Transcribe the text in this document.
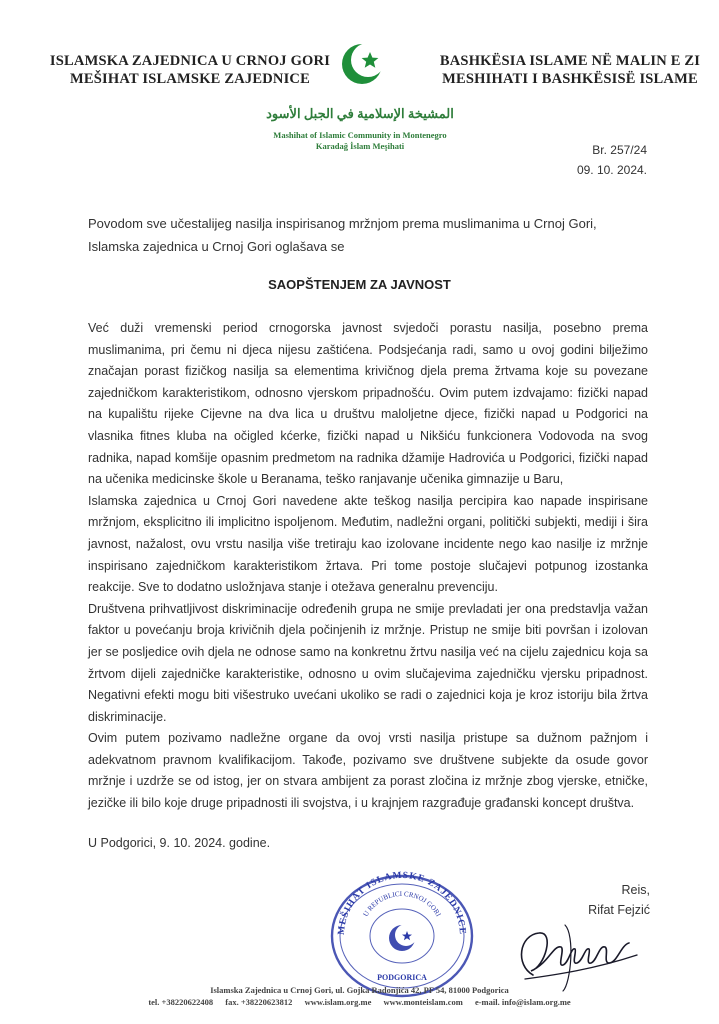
ISLAMSKA ZAJEDNICA U CRNOJ GORI
MEŠIHAT ISLAMSKE ZAJEDNICE
BASHKËSIA ISLAME NË MALIN E ZI
MESHIHATI I BASHKËSISË ISLAME
المشيخة الإسلامية في الجبل الأسود
Mashihat of Islamic Community in Montenegro
Karadağ İslam Meşihati	Br. 257/24
09. 10. 2024.
Povodom sve učestalijeg nasilja inspirisanog mržnjom prema muslimanima u Crnoj Gori,
Islamska zajednica u Crnoj Gori oglašava se
SAOPŠTENJEM ZA JAVNOST

Već duži vremenski period crnogorska javnost svjedoči porastu nasilja, posebno prema muslimanima, pri čemu ni djeca nijesu zaštićena. Podsjećanja radi, samo u ovoj godini bilježimo značajan porast fizičkog nasilja sa elementima krivičnog djela prema žrtvama koje su povezane zajedničkom karakteristikom, odnosno vjerskom pripadnošću. Ovim putem izdvajamo: fizički napad na kupalištu rijeke Cijevne na dva lica u društvu maloljetne djece, fizički napad u Podgorici na vlasnika fitnes kluba na očigled kćerke, fizički napad u Nikšiću funkcionera Vodovoda na svog radnika, napad komšije opasnim predmetom na radnika džamije Hadrovića u Podgorici, fizički napad na učenika medicinske škole u Beranama, teško ranjavanje učenika gimnazije u Baru,

Islamska zajednica u Crnoj Gori navedene akte teškog nasilja percipira kao napade inspirisane mržnjom, eksplicitno ili implicitno ispoljenom. Međutim, nadležni organi, politički subjekti, mediji i šira javnost, nažalost, ovu vrstu nasilja više tretiraju kao izolovane incidente nego kao nasilje iz mržnje inspirisano zajedničkom karakteristikom žrtava. Pri tome postoje slučajevi potpunog izostanka reakcije. Sve to dodatno usložnjava stanje i otežava generalnu prevenciju.

Društvena prihvatljivost diskriminacije određenih grupa ne smije prevladati jer ona predstavlja važan faktor u povećanju broja krivičnih djela počinjenih iz mržnje. Pristup ne smije biti površan i izolovan jer se posljedice ovih djela ne odnose samo na konkretnu žrtvu nasilja već na cijelu zajednicu koja sa žrtvom dijeli zajedničke karakteristike, odnosno u ovim slučajevima zajedničku vjersku pripadnost. Negativni efekti mogu biti višestruko uvećani ukoliko se radi o zajednici koja je kroz istoriju bila žrtva diskriminacije.

Ovim putem pozivamo nadležne organe da ovoj vrsti nasilja pristupe sa dužnom pažnjom i adekvatnom pravnom kvalifikacijom. Takođe, pozivamo sve društvene subjekte da osude govor mržnje i uzdrže se od istog, jer on stvara ambijent za porast zločina iz mržnje zbog vjerske, etničke, jezičke ili bilo koje druge pripadnosti ili svojstva, i u krajnjem razgrađuje građanski koncept društva.

U Podgorici, 9. 10. 2024. godine.
MEŠIHAT ISLAMSKE ZAJEDNICE
U REPUBLICI CRNOJ GORI
PODGORICA
Reis,
Rifat Fejzić
Islamska Zajednica u Crnoj Gori, ul. Gojka Radonjića 42, PF 54, 81000 Podgorica
tel. +38220622408 fax. +38220623812 www.islam.org.me www.monteislam.com e-mail. info@islam.org.me
